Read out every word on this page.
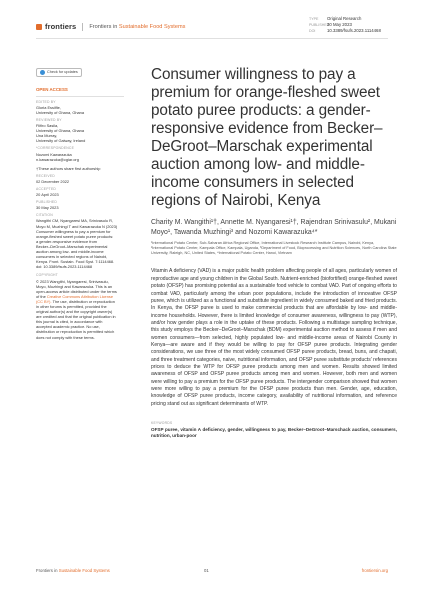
frontiers Frontiers in Sustainable Food Systems
TYPE Original Research
PUBLISHED30 May 2023
DOI	10.3389/fsufs.2023.1114468
Check for updates
OPEN ACCESS
EDITED BY
Gloria Essilfie,
University of Ghana, Ghana
REVIEWED BY
Fiifiro Sasila,
University of Ghana, Ghana
Una Murray,
University of Galway, Ireland
*CORRESPONDENCE
Nozomi Kawarazuka
n.kawarazuka@cgiar.org
†These authors share first authorship
RECEIVED
02 December 2022
ACCEPTED
20 April 2023
PUBLISHED
30 May 2023
CITATION
Wangithi CM, Nyangaresi MA, Srinivasulu R,
Moyo M, Muzhingi T and Kawarazuka N (2023)
Consumer willingness to pay a premium for
orange-fleshed sweet potato puree products:
a gender-responsive evidence from
Becker–DeGroot–Marschak experimental
auction among low- and middle-income
consumers in selected regions of Nairobi,
Kenya. Front. Sustain. Food Syst. 7:1114468.
doi: 10.3389/fsufs.2023.1114468
COPYRIGHT
© 2023 Wangithi, Nyangaresi, Srinivasulu,
Moyo, Muzhingi and Kawarazuka. This is an
open-access article distributed under the terms
of the Creative Commons Attribution License
(CC BY). The use, distribution or reproduction
in other forums is permitted, provided the
original author(s) and the copyright owner(s)
are credited and that the original publication in
this journal is cited, in accordance with
accepted academic practice. No use,
distribution or reproduction is permitted which
does not comply with these terms.
Consumer willingness to pay a premium for orange-fleshed sweet potato puree products: a gender-responsive evidence from Becker–DeGroot–Marschak experimental auction among low- and middle-income consumers in selected regions of Nairobi, Kenya
Charity M. Wangithi¹†, Annette M. Nyangaresi¹†, Rajendran Srinivasulu², Mukani Moyo¹, Tawanda Muzhingi³ and Nozomi Kawarazuka⁴*
¹International Potato Center, Sub-Saharan Africa Regional Office, International Livestock Research Institute Campus, Nairobi, Kenya, ²International Potato Center, Kampala Office, Kampala, Uganda, ³Department of Food, Bioprocessing and Nutrition Sciences, North Carolina State University, Raleigh, NC, United States, ⁴International Potato Center, Hanoi, Vietnam
Vitamin A deficiency (VAD) is a major public health problem affecting people of all ages, particularly women of reproductive age and young children in the Global South. Nutrient-enriched (biofortified) orange-fleshed sweet potato (OFSP) has promising potential as a sustainable food vehicle to combat VAD. Part of ongoing efforts to combat VAD, particularly among the urban poor populations, include the introduction of innovative OFSP puree, which is utilized as a functional and substitute ingredient in widely consumed baked and fried products. In Kenya, the OFSP puree is used to make commercial products that are affordable by low- and middle-income households. However, there is limited knowledge of consumer awareness, willingness to pay (WTP), and/or how gender plays a role in the uptake of these products. Following a multistage sampling technique, this study employs the Becker–DeGroot–Marschak (BDM) experimental auction method to assess if men and women consumers—from selected, highly populated low- and middle-income areas of Nairobi County in Kenya—are aware and if they would be willing to pay for OFSP puree products. Integrating gender considerations, we use three of the most widely consumed OFSP puree products, bread, buns, and chapati, and three treatment categories, naive, nutritional information, and OFSP puree substitute products' references prices to deduce the WTP for OFSP puree products among men and women. Results showed limited awareness of OFSP and OFSP puree products among men and women. However, both men and women were willing to pay a premium for the OFSP puree products. The intergender comparison showed that women were more willing to pay a premium for the OFSP puree products than men. Gender, age, education, knowledge of OFSP puree products, income category, availability of nutritional information, and reference pricing stand out as significant determinants of WTP.
KEYWORDS
OFSP puree, vitamin A deficiency, gender, willingness to pay, Becker–DeGroot–Marschack auction, consumers, nutrition, urban-poor
Frontiers in Sustainable Food Systems	01	frontiersin.org
